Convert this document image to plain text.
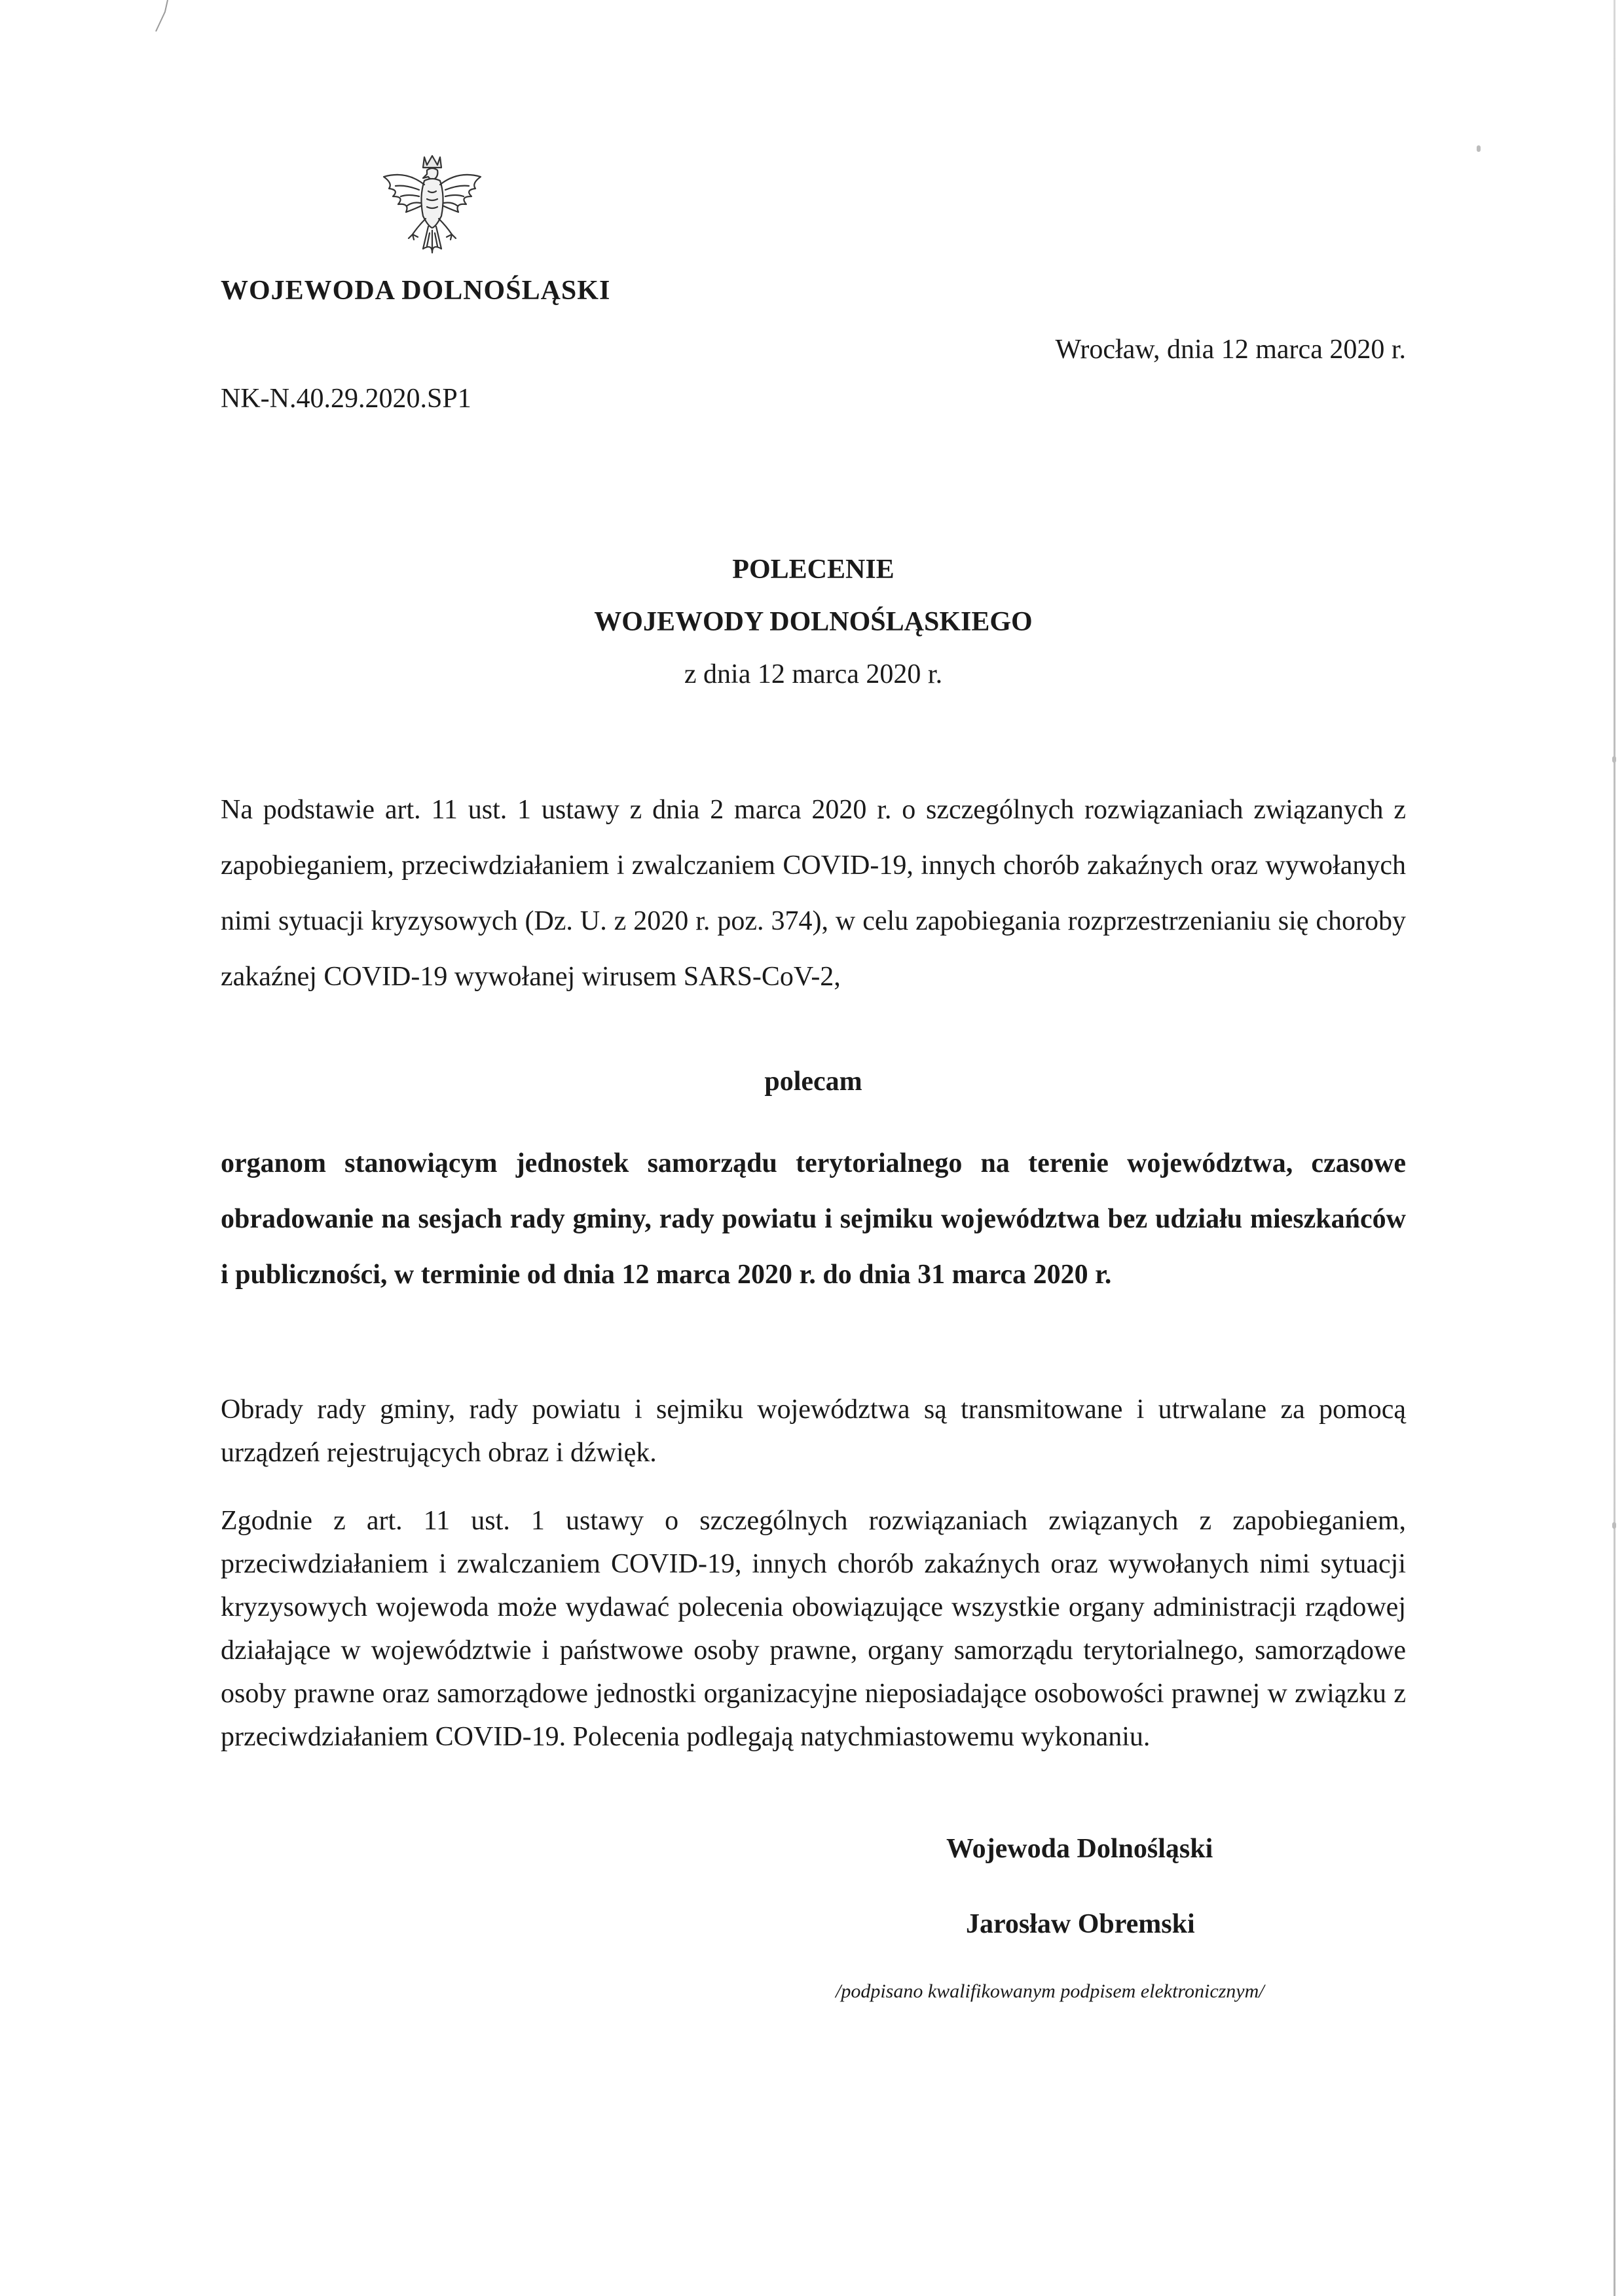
WOJEWODA DOLNOŚLĄSKI
Wrocław, dnia 12 marca 2020 r.
NK-N.40.29.2020.SP1
POLECENIE
WOJEWODY DOLNOŚLĄSKIEGO
z dnia 12 marca 2020 r.

Na podstawie art. 11 ust. 1 ustawy z dnia 2 marca 2020 r. o szczególnych rozwiązaniach związanych z zapobieganiem, przeciwdziałaniem i zwalczaniem COVID-19, innych chorób zakaźnych oraz wywołanych nimi sytuacji kryzysowych (Dz. U. z 2020 r. poz. 374), w celu zapobiegania rozprzestrzenianiu się choroby zakaźnej COVID-19 wywołanej wirusem SARS-CoV-2,

polecam

organom stanowiącym jednostek samorządu terytorialnego na terenie województwa, czasowe obradowanie na sesjach rady gminy, rady powiatu i sejmiku województwa bez udziału mieszkańców i publiczności, w terminie od dnia 12 marca 2020 r. do dnia 31 marca 2020 r.

Obrady rady gminy, rady powiatu i sejmiku województwa są transmitowane i utrwalane za pomocą urządzeń rejestrujących obraz i dźwięk.

Zgodnie z art. 11 ust. 1 ustawy o szczególnych rozwiązaniach związanych z zapobieganiem, przeciwdziałaniem i zwalczaniem COVID-19, innych chorób zakaźnych oraz wywołanych nimi sytuacji kryzysowych wojewoda może wydawać polecenia obowiązujące wszystkie organy administracji rządowej działające w województwie i państwowe osoby prawne, organy samorządu terytorialnego, samorządowe osoby prawne oraz samorządowe jednostki organizacyjne nieposiadające osobowości prawnej w związku z przeciwdziałaniem COVID-19. Polecenia podlegają natychmiastowemu wykonaniu.

Wojewoda Dolnośląski
Jarosław Obremski
/podpisano kwalifikowanym podpisem elektronicznym/
